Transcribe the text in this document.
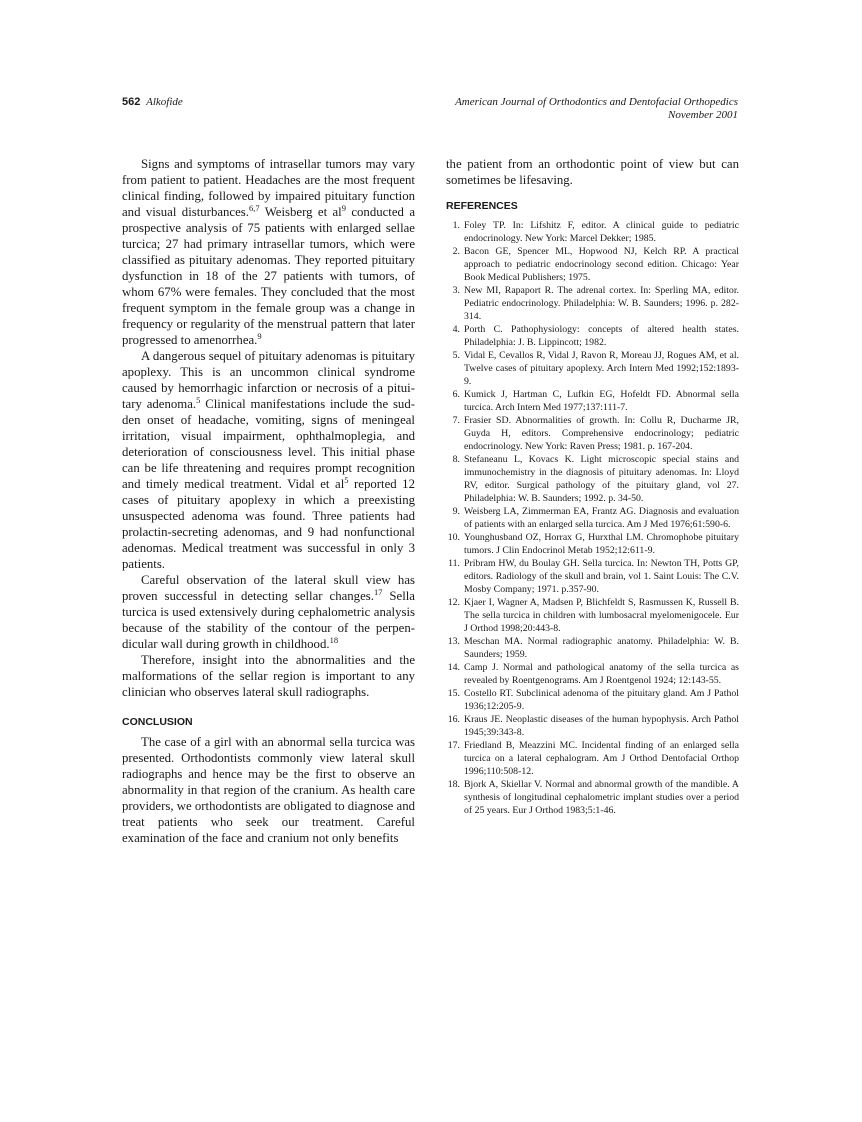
562 Alkofide	American Journal of Orthodontics and Dentofacial Orthopedics
November 2001

Signs and symptoms of intrasellar tumors may vary from patient to patient. Headaches are the most frequent clinical finding, followed by impaired pituitary function and visual disturbances.$^{6,7}$ Weisberg et $al^9$ conducted a prospective analysis of 75 patients with enlarged sellae turcica; 27 had primary intrasellar tumors, which were classified as pituitary adenomas. They reported pituitary dysfunction in 18 of the 27 patients with tumors, of whom 67% were females. They concluded that the most frequent symptom in the female group was a change in frequency or regularity of the menstrual pattern that later progressed to amenorrhea.$^9$

A dangerous sequel of pituitary adenomas is pituitary apoplexy. This is an uncommon clinical syndrome caused by hemorrhagic infarction or necrosis of a pituitary adenoma.$^5$ Clinical manifestations include the sudden onset of headache, vomiting, signs of meningeal irritation, visual impairment, ophthalmoplegia, and deterioration of consciousness level. This initial phase can be life threatening and requires prompt recognition and timely medical treatment. Vidal et $al^5$ reported 12 cases of pituitary apoplexy in which a preexisting unsuspected adenoma was found. Three patients had prolactin-secreting adenomas, and 9 had nonfunctional adenomas. Medical treatment was successful in only 3 patients.

Careful observation of the lateral skull view has proven successful in detecting sellar changes.$^{17}$ Sella turcica is used extensively during cephalometric analysis because of the stability of the contour of the perpendicular wall during growth in childhood.$^{18}$

Therefore, insight into the abnormalities and the malformations of the sellar region is important to any clinician who observes lateral skull radiographs.

CONCLUSION

The case of a girl with an abnormal sella turcica was presented. Orthodontists commonly view lateral skull radiographs and hence may be the first to observe an abnormality in that region of the cranium. As health care providers, we orthodontists are obligated to diagnose and treat patients who seek our treatment. Careful examination of the face and cranium not only benefits

the patient from an orthodontic point of view but can sometimes be lifesaving.

REFERENCES
1. Foley TP. In: Lifshitz F, editor. A clinical guide to pediatric endocrinology. New York: Marcel Dekker; 1985.
2. Bacon GE, Spencer ML, Hopwood NJ, Kelch RP. A practical approach to pediatric endocrinology second edition. Chicago: Year Book Medical Publishers; 1975.
3. New MI, Rapaport R. The adrenal cortex. In: Sperling MA, editor. Pediatric endocrinology. Philadelphia: W. B. Saunders; 1996. p. 282-314.
4. Porth C. Pathophysiology: concepts of altered health states. Philadelphia: J. B. Lippincott; 1982.
5. Vidal E, Cevallos R, Vidal J, Ravon R, Moreau JJ, Rogues AM, et al. Twelve cases of pituitary apoplexy. Arch Intern Med 1992;152:1893-9.
6. Kumick J, Hartman C, Lufkin EG, Hofeldt FD. Abnormal sella turcica. Arch Intern Med 1977;137:111-7.
7. Frasier SD. Abnormalities of growth. In: Collu R, Ducharme JR, Guyda H, editors. Comprehensive endocrinology; pediatric endocrinology. New York: Raven Press; 1981. p. 167-204.
8. Stefaneanu L, Kovacs K. Light microscopic special stains and immunochemistry in the diagnosis of pituitary adenomas. In: Lloyd RV, editor. Surgical pathology of the pituitary gland, vol 27. Philadelphia: W. B. Saunders; 1992. p. 34-50.
9. Weisberg LA, Zimmerman EA, Frantz AG. Diagnosis and evaluation of patients with an enlarged sella turcica. Am J Med 1976;61:590-6.
10. Younghusband OZ, Horrax G, Hurxthal LM. Chromophobe pituitary tumors. J Clin Endocrinol Metab 1952;12:611-9.
11. Pribram HW, du Boulay GH. Sella turcica. In: Newton TH, Potts GP, editors. Radiology of the skull and brain, vol 1. Saint Louis: The C.V. Mosby Company; 1971. p.357-90.
12. Kjaer I, Wagner A, Madsen P, Blichfeldt S, Rasmussen K, Russell B. The sella turcica in children with lumbosacral myelomenigocele. Eur J Orthod 1998;20:443-8.
13. Meschan MA. Normal radiographic anatomy. Philadelphia: W. B. Saunders; 1959.
14. Camp J. Normal and pathological anatomy of the sella turcica as revealed by Roentgenograms. Am J Roentgenol 1924; 12:143-55.
15. Costello RT. Subclinical adenoma of the pituitary gland. Am J Pathol 1936;12:205-9.
16. Kraus JE. Neoplastic diseases of the human hypophysis. Arch Pathol 1945;39:343-8.
17. Friedland B, Meazzini MC. Incidental finding of an enlarged sella turcica on a lateral cephalogram. Am J Orthod Dentofacial Orthop 1996;110:508-12.
18. Bjork A, Skiellar V. Normal and abnormal growth of the mandible. A synthesis of longitudinal cephalometric implant studies over a period of 25 years. Eur J Orthod 1983;5:1-46.
